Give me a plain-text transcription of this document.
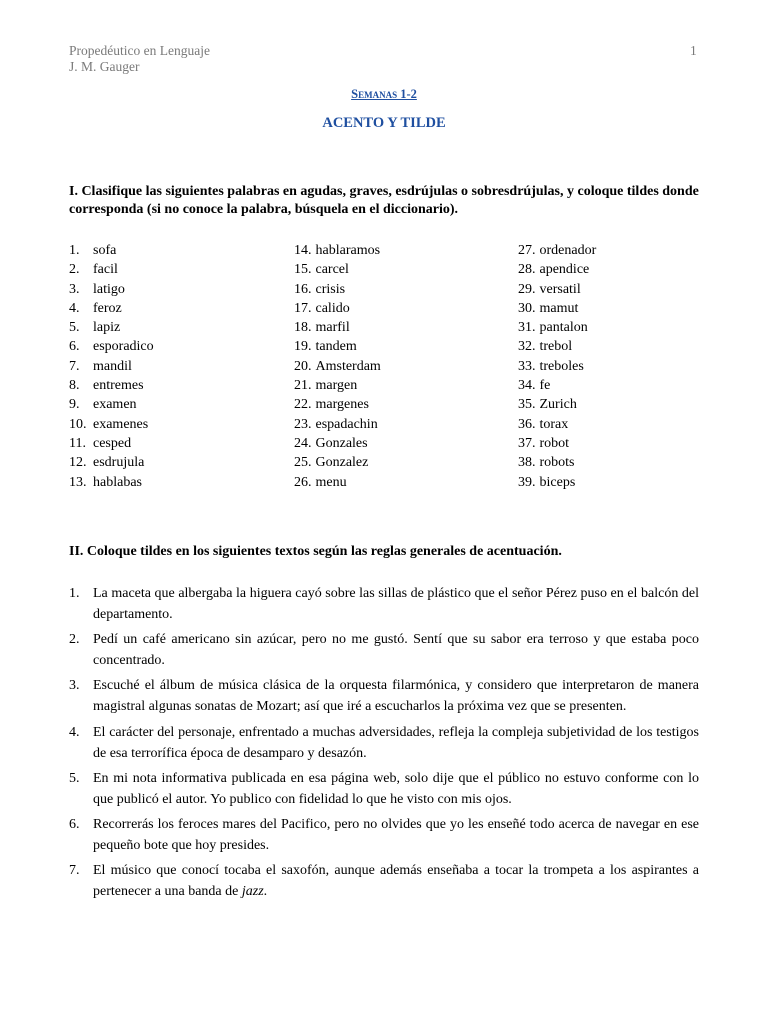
Propedéutico en Lenguaje
J. M. Gauger
1
Semanas 1-2
ACENTO Y TILDE
I. Clasifique las siguientes palabras en agudas, graves, esdrújulas o sobresdrújulas, y coloque tildes donde corresponda (si no conoce la palabra, búsquela en el diccionario).
1. sofa
2. facil
3. latigo
4. feroz
5. lapiz
6. esporadico
7. mandil
8. entremes
9. examen
10. examenes
11. cesped
12. esdrujula
13. hablabas
14. hablaramos
15. carcel
16. crisis
17. calido
18. marfil
19. tandem
20. Amsterdam
21. margen
22. margenes
23. espadachin
24. Gonzales
25. Gonzalez
26. menu
27. ordenador
28. apendice
29. versatil
30. mamut
31. pantalon
32. trebol
33. treboles
34. fe
35. Zurich
36. torax
37. robot
38. robots
39. biceps
II. Coloque tildes en los siguientes textos según las reglas generales de acentuación.
1. La maceta que albergaba la higuera cayó sobre las sillas de plástico que el señor Pérez puso en el balcón del departamento.
2. Pedí un café americano sin azúcar, pero no me gustó. Sentí que su sabor era terroso y que estaba poco concentrado.
3. Escuché el álbum de música clásica de la orquesta filarmónica, y considero que interpretaron de manera magistral algunas sonatas de Mozart; así que iré a escucharlos la próxima vez que se presenten.
4. El carácter del personaje, enfrentado a muchas adversidades, refleja la compleja subjetividad de los testigos de esa terrorífica época de desamparo y desazón.
5. En mi nota informativa publicada en esa página web, solo dije que el público no estuvo conforme con lo que publicó el autor. Yo publico con fidelidad lo que he visto con mis ojos.
6. Recorrerás los feroces mares del Pacifico, pero no olvides que yo les enseñé todo acerca de navegar en ese pequeño bote que hoy presides.
7. El músico que conocí tocaba el saxofón, aunque además enseñaba a tocar la trompeta a los aspirantes a pertenecer a una banda de jazz.
